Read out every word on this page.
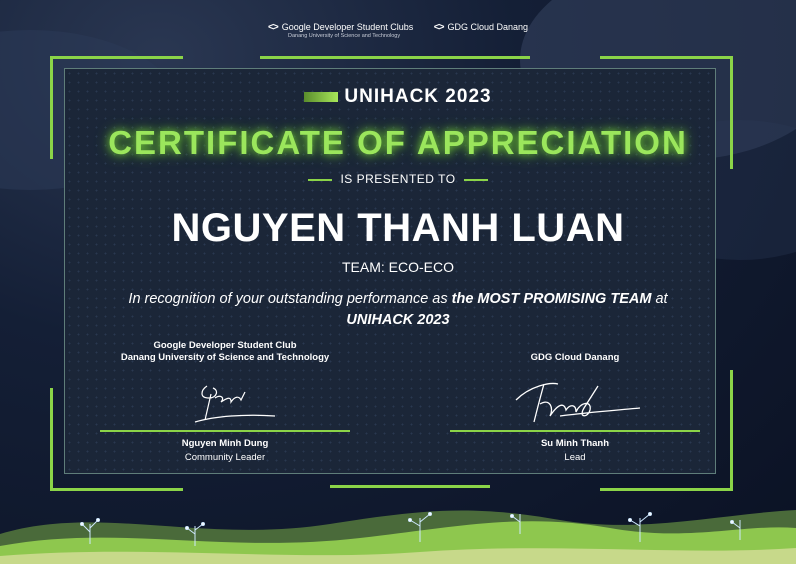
<> Google Developer Student Clubs
Danang University of Science and Technology

<> GDG Cloud Danang
UNIHACK 2023
CERTIFICATE OF APPRECIATION
IS PRESENTED TO
NGUYEN THANH LUAN
TEAM: ECO-ECO
In recognition of your outstanding performance as the MOST PROMISING TEAM at
UNIHACK 2023
Google Developer Student Club
Danang University of Science and Technology
Nguyen Minh Dung
Community Leader
GDG Cloud Danang
Su Minh Thanh
Lead
